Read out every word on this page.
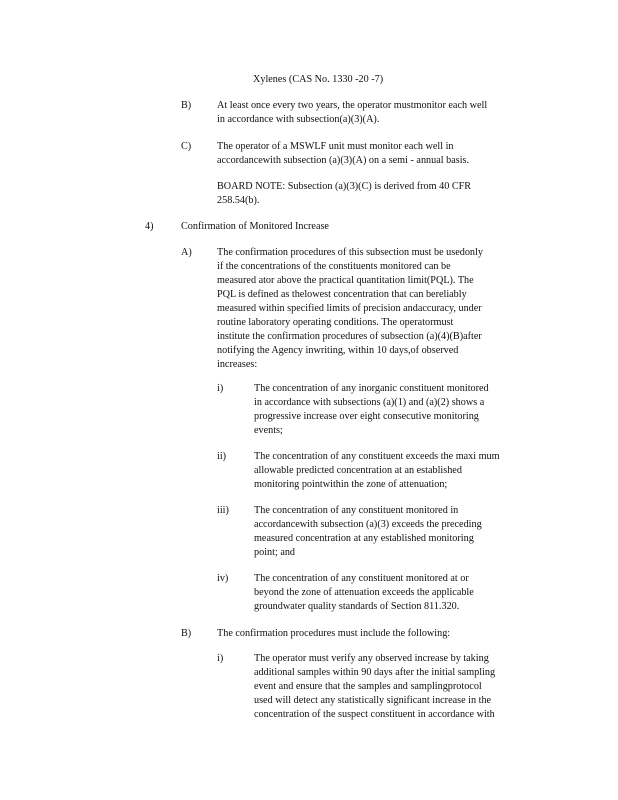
Xylenes (CAS No. 1330 -20 -7)
B)	At least once every two years, the operator mustmonitor each well
in accordance with subsection(a)(3)(A).
C)	The operator of a MSWLF unit must monitor each well in
accordancewith subsection (a)(3)(A) on a semi - annual basis.
BOARD NOTE: Subsection (a)(3)(C) is derived from 40 CFR
258.54(b).
4)	Confirmation of Monitored Increase
A) The confirmation procedures of this subsection must be usedonly
if the concentrations of the constituents monitored can be
measured ator above the practical quantitation limit(PQL). The
PQL is defined as thelowest concentration that can bereliably
measured within specified limits of precision andaccuracy, under
routine laboratory operating conditions. The operatormust
institute the confirmation procedures of subsection (a)(4)(B)after
notifying the Agency inwriting, within 10 days,of observed
increases:
i)	The concentration of any inorganic constituent monitored
in accordance with subsections (a)(1) and (a)(2) shows a
progressive increase over eight consecutive monitoring
events;
ii)	The concentration of any constituent exceeds the maxi mum
allowable predicted concentration at an established
monitoring pointwithin the zone of attenuation;
iii) The concentration of any constituent monitored in
accordancewith subsection (a)(3) exceeds the preceding
measured concentration at any established monitoring
point; and
iv)	The concentration of any constituent monitored at or
beyond the zone of attenuation exceeds the applicable
groundwater quality standards of Section 811.320.
B)	The confirmation procedures must include the following:
i)	The operator must verify any observed increase by taking
additional samples within 90 days after the initial sampling
event and ensure that the samples and samplingprotocol
used will detect any statistically significant increase in the
concentration of the suspect constituent in accordance with
